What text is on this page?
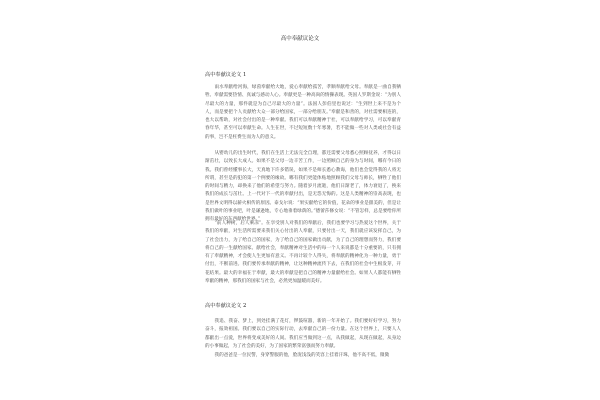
高中奉献议论文
高中奉献议论文 1

雨水奉献给河海，绿茵奉献给大地，爱心奉献给孤苦，孝顺奉献给父母。奉献是一曲自我牺牲、奉献需要热情、真诚与感动人心。奉献更是一种高尚的情操表现。英国人罗斯金说：“为别人尽最大的力量，那件就是为自己尽最大的力量”。法国人彭伯里也说过：“生到世上来不是为个人，而是要把个人贡献给大众一部分给国家，一部分给朋友。”奉献是和善的，对社需要相连的，也大以帮助，对社会付出的是一种奉献。我们可以奉献精神于社，可以奉献给学习，可以奉献青春年华，甚至可以奉献生命。人生在世，不过短短数十年寒暑，若不能做一些对人类或社会有益的事，岂不是枉费生而为人的意义。

从婴幼儿的出生时代，我们在生活上无法完全自理，都还需要父母悉心照顾抚养，才得以日渐茁壮，以致长大成人。如果不是父母一边辛苦工作，一边照顾自己的身为与时间，哪有今日的我。我们曾经懂事长大，天真地下许多错误，如果不是师长悉心教诲，他们也会觉得我的人将无所谓，甚至是的犯的第一个例要的缘故。哪有我们更能体贴地照顾我们父母与师长，牺牲了他们的时间与精力，却换来了他们的希望与努力。随着岁月流逝，他们日渐老了，体力衰退了，换来我们的成长与茁壮。上一代对下一代的奉献付出，是无怨无悔的。这是人类精神的崇高表现，也是世界文明得以薪火相传的原因。泰戈尔说：“果实献给它的价值，花朵的事业是甜美的，但是让我们做叶的事业吧，叶是谦逊地，专心地垂着绿荫的。”德蕾莎修女说：“不管怎样，总是要给你所拥有最好的东西献给世界。”

“前人种树，后人乘凉”。在享受别人对我们的奉献后，我们也要学习与热爱这个世界，关于我们的奉献，对生活所需要来我们关心付出的人奉献，只要付出一天，我们就应该发挥自己，为了社会出力，为了给自己的国家，为了给自己的国家做出贡献，为了自己的理想而努力，我们要将自己的一生献给国家、献给社会，奉献精神对生活中的每一个人来说都是十分重要的，只有拥有了奉献精神，才会使人生更加有意义。不再计较个人得失，将奉献的精神化为一种力量，勇于付出，不断前进。我们要传承奉献的精神，让这种精神流传下去，在我们的社会中生根发芽，开花结果。最大的幸福在于奉献，最大的奉献是把自己的精神力量献给社会。如果人人都能有牺牲奉献的精神，那我们的国家与社会，必然更加温暖而美好。

高中奉献议论文 2

我追、我奋、梦上，到处挂满了花灯，锣鼓喧嚣，新的一年开始了。我们要好好学习，努力奋斗，报效祖国。我们要以自己的实际行动，去奉献自己的一份力量。在这个世界上，只要人人都献出一点爱，世界将变成美好的人间。我们应当做到这一点，从我做起，从现在做起，从身边的小事做起，为了社会的美好，为了国家的繁荣富强而努力奉献。

我的爸爸是一位民警，身穿警服的他，脸庞浅浅的笑容上挂着汗珠，他不高不低，微微
